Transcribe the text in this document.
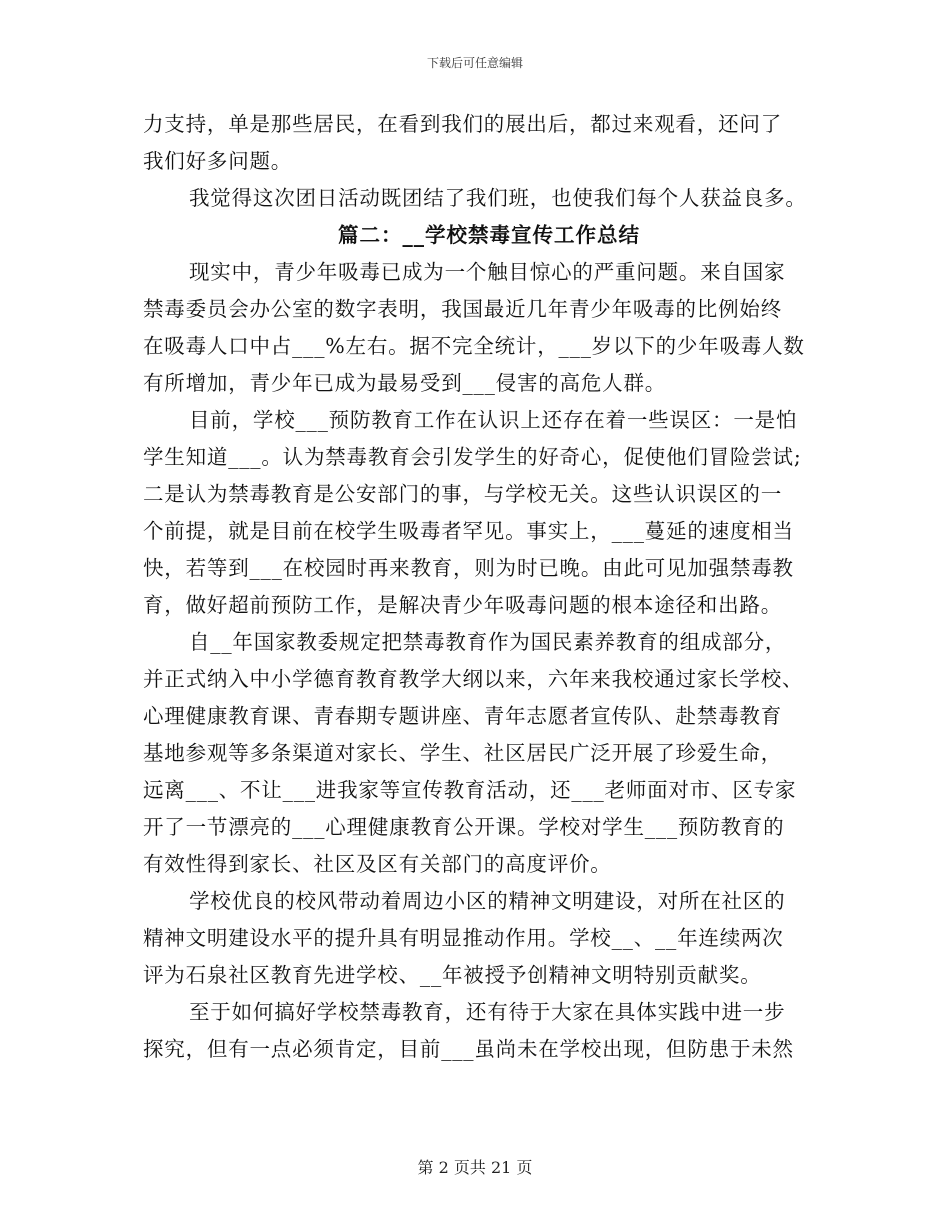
下载后可任意编辑
力支持，单是那些居民，在看到我们的展出后，都过来观看，还问了
我们好多问题。
我觉得这次团日活动既团结了我们班，也使我们每个人获益良多。
篇二：__学校禁毒宣传工作总结
现实中，青少年吸毒已成为一个触目惊心的严重问题。来自国家
禁毒委员会办公室的数字表明，我国最近几年青少年吸毒的比例始终
在吸毒人口中占___%左右。据不完全统计，___岁以下的少年吸毒人数
有所增加，青少年已成为最易受到___侵害的高危人群。
目前，学校___预防教育工作在认识上还存在着一些误区：一是怕
学生知道___。认为禁毒教育会引发学生的好奇心，促使他们冒险尝试;
二是认为禁毒教育是公安部门的事，与学校无关。这些认识误区的一
个前提，就是目前在校学生吸毒者罕见。事实上，___蔓延的速度相当
快，若等到___在校园时再来教育，则为时已晚。由此可见加强禁毒教
育，做好超前预防工作，是解决青少年吸毒问题的根本途径和出路。
自__年国家教委规定把禁毒教育作为国民素养教育的组成部分，
并正式纳入中小学德育教育教学大纲以来，六年来我校通过家长学校、
心理健康教育课、青春期专题讲座、青年志愿者宣传队、赴禁毒教育
基地参观等多条渠道对家长、学生、社区居民广泛开展了珍爱生命，
远离___、不让___进我家等宣传教育活动，还___老师面对市、区专家
开了一节漂亮的___心理健康教育公开课。学校对学生___预防教育的
有效性得到家长、社区及区有关部门的高度评价。
学校优良的校风带动着周边小区的精神文明建设，对所在社区的
精神文明建设水平的提升具有明显推动作用。学校__、__年连续两次
评为石泉社区教育先进学校、__年被授予创精神文明特别贡献奖。
至于如何搞好学校禁毒教育，还有待于大家在具体实践中进一步
探究，但有一点必须肯定，目前___虽尚未在学校出现，但防患于未然
第 2 页共 21 页
